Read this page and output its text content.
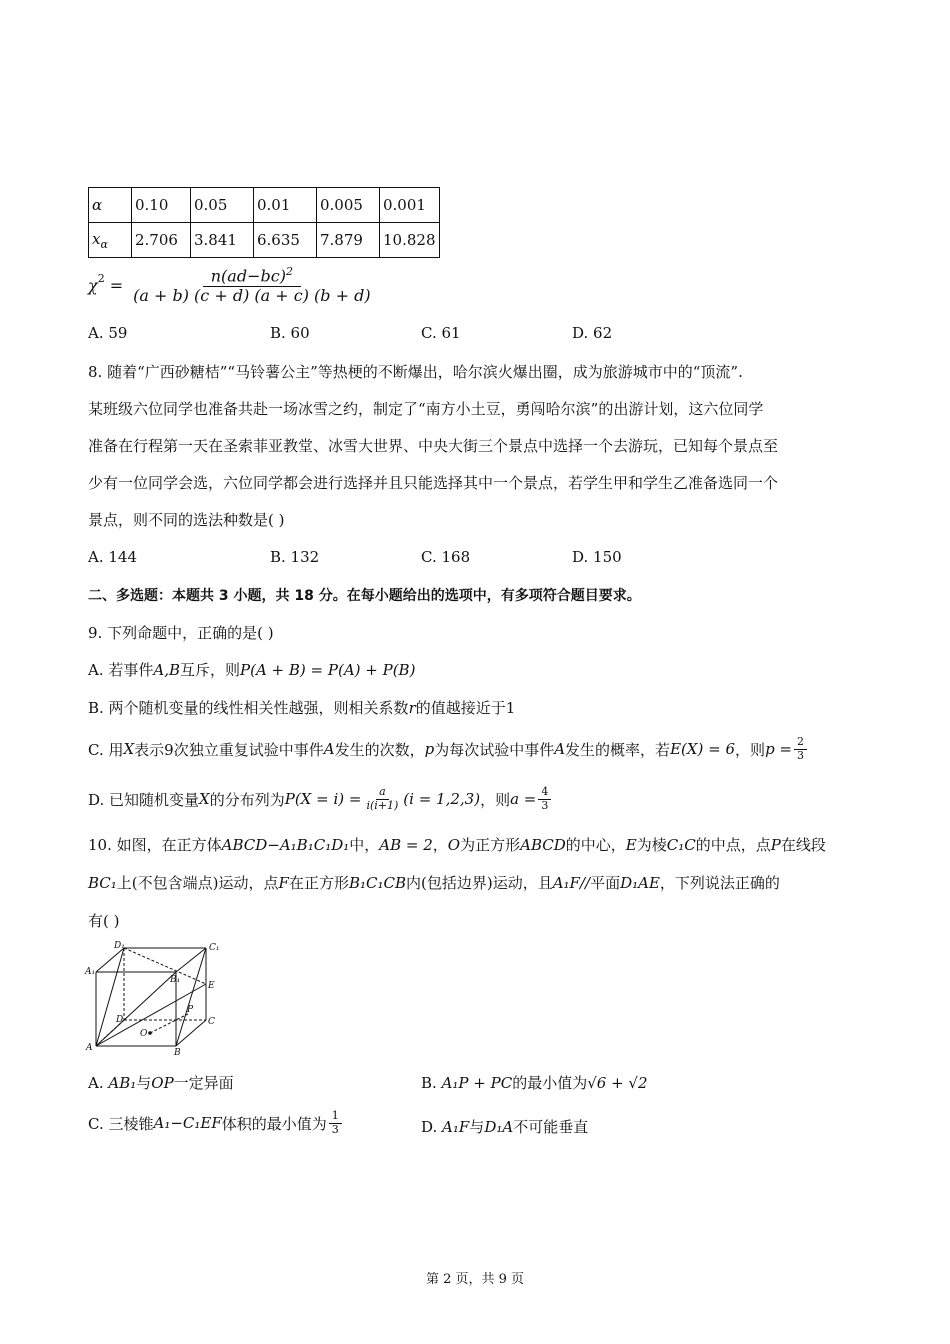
α	0.10	0.05	0.01	0.005	0.001
$x_\alpha$	2.706	3.841	6.635	7.879	10.828
$\chi^2 = \frac{n(ad-bc)^2}{(a + b) (c + d) (a + c) (b + d)}$
A. 59	B. 60	C. 61	D. 62
8. 随着“广西砂糖桔”“马铃薯公主”等热梗的不断爆出，哈尔滨火爆出圈，成为旅游城市中的“顶流”.
某班级六位同学也准备共赴一场冰雪之约，制定了“南方小土豆，勇闯哈尔滨”的出游计划，这六位同学
准备在行程第一天在圣索菲亚教堂、冰雪大世界、中央大街三个景点中选择一个去游玩，已知每个景点至
少有一位同学会选，六位同学都会进行选择并且只能选择其中一个景点，若学生甲和学生乙准备选同一个
景点，则不同的选法种数是( )
A. 144	B. 132	C. 168	D. 150
二、多选题：本题共 3 小题，共 18 分。在每小题给出的选项中，有多项符合题目要求。
9. 下列命题中，正确的是( )
A. 若事件A,B互斥，则P(A + B) = P(A) + P(B)
B. 两个随机变量的线性相关性越强，则相关系数r的值越接近于1
C. 用 X 表示9次独立重复试验中事件 A 发生的次数， p 为每次试验中事件 A 发生的概率，若 E(X) = 6 ，则 $p = \frac{2}{3}$
D. 已知随机变量 X 的分布列为 $P(X = i) = \frac{a}{i(i+1)} (i = 1,2,3)$ ，则 $a = \frac{4}{3}$
10. 如图，在正方体ABCD−A₁B₁C₁D₁中，AB = 2，O为正方形ABCD的中心，E为棱C₁C的中点，点P在线段
BC₁上(不包含端点)运动，点F在正方形B₁C₁CB内(包括边界)运动，且A₁F//平面D₁AE，下列说法正确的
有( )
D₁	C₁
A₁
B₁
E
P
D	C
O
A	B
A. AB₁与OP一定异面	B. A₁P + PC的最小值为√6 + √2
C. 三棱锥 A₁−C₁EF 体积的最小值为 $\frac{1}{3}$	D. A₁F与D₁A不可能垂直
第 2 页，共 9 页
